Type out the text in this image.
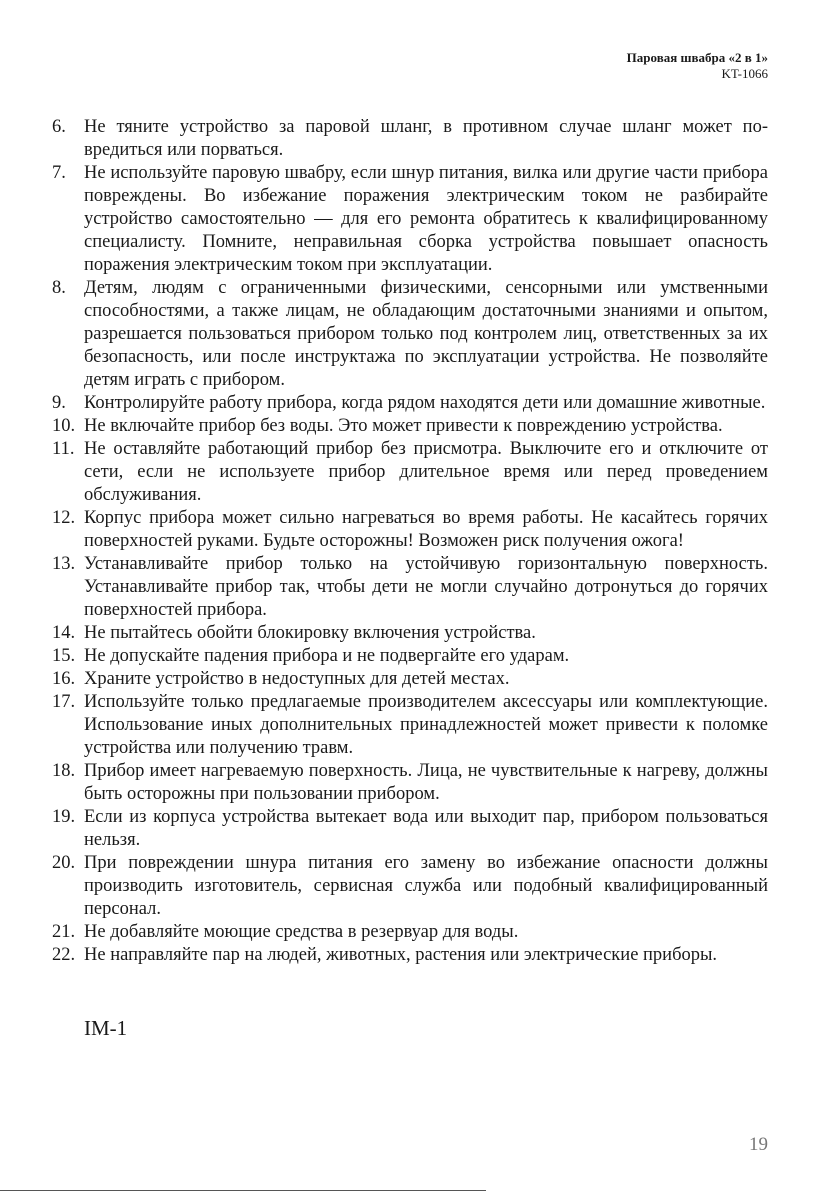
Паровая швабра «2 в 1»
KT-1066
6. Не тяните устройство за паровой шланг, в противном случае шланг может повредиться или порваться.
7. Не используйте паровую швабру, если шнур питания, вилка или другие части прибора повреждены. Во избежание поражения электрическим током не разбирайте устройство самостоятельно — для его ремонта обратитесь к квалифицированному специалисту. Помните, неправильная сборка устройства повышает опасность поражения электрическим током при эксплуатации.
8. Детям, людям с ограниченными физическими, сенсорными или умственными способностями, а также лицам, не обладающим достаточными знаниями и опытом, разрешается пользоваться прибором только под контролем лиц, ответственных за их безопасность, или после инструктажа по эксплуатации устройства. Не позволяйте детям играть с прибором.
9. Контролируйте работу прибора, когда рядом находятся дети или домашние животные.
10. Не включайте прибор без воды. Это может привести к повреждению устройства.
11. Не оставляйте работающий прибор без присмотра. Выключите его и отключите от сети, если не используете прибор длительное время или перед проведением обслуживания.
12. Корпус прибора может сильно нагреваться во время работы. Не касайтесь горячих поверхностей руками. Будьте осторожны! Возможен риск получения ожога!
13. Устанавливайте прибор только на устойчивую горизонтальную поверхность. Устанавливайте прибор так, чтобы дети не могли случайно дотронуться до горячих поверхностей прибора.
14. Не пытайтесь обойти блокировку включения устройства.
15. Не допускайте падения прибора и не подвергайте его ударам.
16. Храните устройство в недоступных для детей местах.
17. Используйте только предлагаемые производителем аксессуары или комплектующие. Использование иных дополнительных принадлежностей может привести к поломке устройства или получению травм.
18. Прибор имеет нагреваемую поверхность. Лица, не чувствительные к нагреву, должны быть осторожны при пользовании прибором.
19. Если из корпуса устройства вытекает вода или выходит пар, прибором пользоваться нельзя.
20. При повреждении шнура питания его замену во избежание опасности должны производить изготовитель, сервисная служба или подобный квалифицированный персонал.
21. Не добавляйте моющие средства в резервуар для воды.
22. Не направляйте пар на людей, животных, растения или электрические приборы.
IM-1
19
